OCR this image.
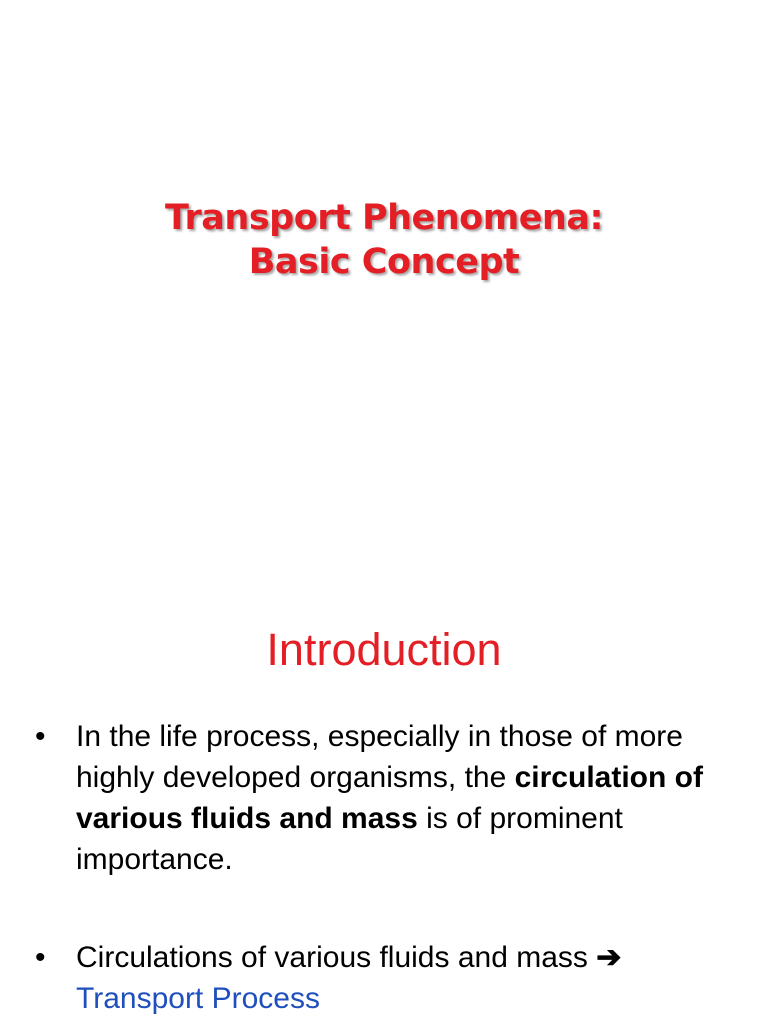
Transport Phenomena:
Basic Concept
Introduction
•	In the life process, especially in those of more highly developed organisms, the circulation of various fluids and mass is of prominent importance.
•	Circulations of various fluids and mass ➔
Transport Process
